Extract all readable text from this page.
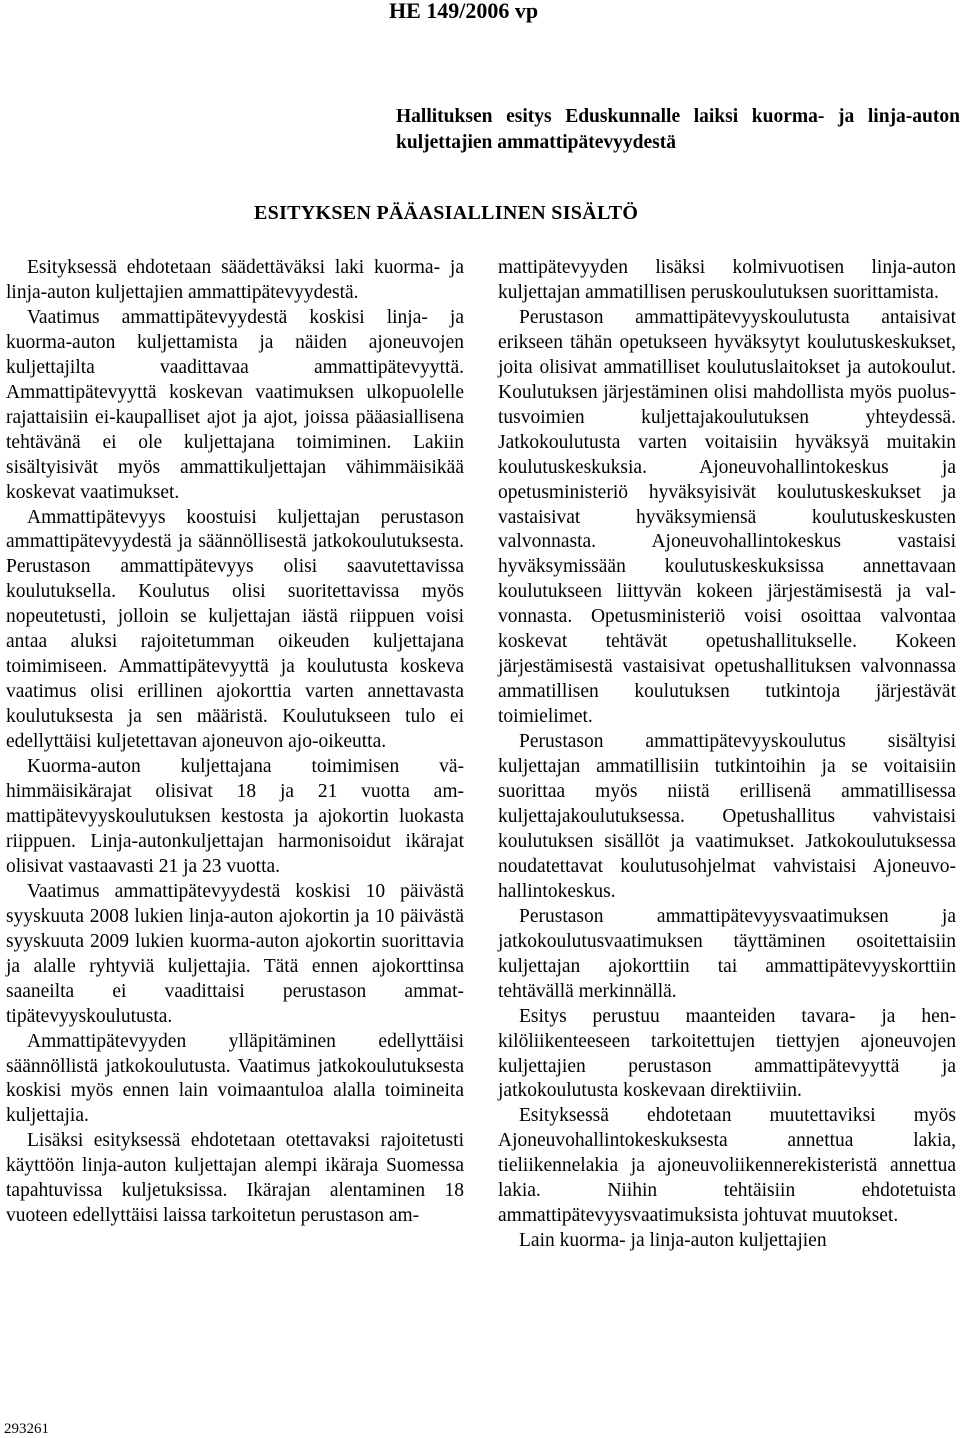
HE 149/2006 vp
Hallituksen esitys Eduskunnalle laiksi kuorma- ja linja-auton kuljettajien ammattipätevyydestä
ESITYKSEN PÄÄASIALLINEN SISÄLTÖ

Esityksessä ehdotetaan säädettäväksi laki kuorma- ja linja-auton kuljettajien ammattipätevyydestä.

Vaatimus ammattipätevyydestä koskisi linja- ja kuorma-auton kuljettamista ja näiden ajoneuvojen kuljettajilta vaadittavaa ammattipätevyyttä. Ammattipätevyyttä koskevan vaatimuksen ulkopuolelle rajattaisiin ei-kaupalliset ajot ja ajot, joissa pääasiallisena tehtävänä ei ole kuljettajana toimiminen. Lakiin sisältyisivät myös ammattikuljettajan vähimmäisikää koskevat vaatimukset.

Ammattipätevyys koostuisi kuljettajan perustason ammattipätevyydestä ja säännöllisestä jatkokoulutuksesta. Perustason ammattipätevyys olisi saavutettavissa koulutuksella. Koulutus olisi suoritettavissa myös nopeutetusti, jolloin se kuljettajan iästä riippuen voisi antaa aluksi rajoitetumman oikeuden kuljettajana toimimiseen. Ammattipätevyyttä ja koulutusta koskeva vaatimus olisi erillinen ajokorttia varten annettavasta koulutuksesta ja sen määristä. Koulutukseen tulo ei edellyttäisi kuljetettavan ajoneuvon ajo-oikeutta.

Kuorma-auton kuljettajana toimimisen vähimmäisikärajat olisivat 18 ja 21 vuotta ammattipätevyyskoulutuksen kestosta ja ajokortin luokasta riippuen. Linja-autonkuljettajan harmonisoidut ikärajat olisivat vastaavasti 21 ja 23 vuotta.

Vaatimus ammattipätevyydestä koskisi 10 päivästä syyskuuta 2008 lukien linja-auton ajokortin ja 10 päivästä syyskuuta 2009 lukien kuorma-auton ajokortin suorittavia ja alalle ryhtyviä kuljettajia. Tätä ennen ajokorttinsa saaneilta ei vaadittaisi perustason ammattipätevyyskoulutusta.

Ammattipätevyyden ylläpitäminen edellyttäisi säännöllistä jatkokoulutusta. Vaatimus jatkokoulutuksesta koskisi myös ennen lain voimaantuloa alalla toimineita kuljettajia.

Lisäksi esityksessä ehdotetaan otettavaksi rajoitetusti käyttöön linja-auton kuljettajan alempi ikäraja Suomessa tapahtuvissa kuljetuksissa. Ikärajan alentaminen 18 vuoteen edellyttäisi laissa tarkoitetun perustason am-

mattipätevyyden lisäksi kolmivuotisen linja-auton kuljettajan ammatillisen peruskoulutuksen suorittamista.

Perustason ammattipätevyyskoulutusta antaisivat erikseen tähän opetukseen hyväksytyt koulutuskeskukset, joita olisivat ammatilliset koulutuslaitokset ja autokoulut. Koulutuksen järjestäminen olisi mahdollista myös puolustusvoimien kuljettajakoulutuksen yhteydessä. Jatkokoulutusta varten voitaisiin hyväksyä muitakin koulutuskeskuksia. Ajoneuvohallintokeskus ja opetusministeriö hyväksyisivät koulutuskeskukset ja vastaisivat hyväksymiensä koulutuskeskusten valvonnasta. Ajoneuvohallintokeskus vastaisi hyväksymissään koulutuskeskuksissa annettavaan koulutukseen liittyvän kokeen järjestämisestä ja valvonnasta. Opetusministeriö voisi osoittaa valvontaa koskevat tehtävät opetushallitukselle. Kokeen järjestämisestä vastaisivat opetushallituksen valvonnassa ammatillisen koulutuksen tutkintoja järjestävät toimielimet.

Perustason ammattipätevyyskoulutus sisältyisi kuljettajan ammatillisiin tutkintoihin ja se voitaisiin suorittaa myös niistä erillisenä ammatillisessa kuljettajakoulutuksessa. Opetushallitus vahvistaisi koulutuksen sisällöt ja vaatimukset. Jatkokoulutuksessa noudatettavat koulutusohjelmat vahvistaisi Ajoneuvohallintokeskus.

Perustason ammattipätevyysvaatimuksen ja jatkokoulutusvaatimuksen täyttäminen osoitettaisiin kuljettajan ajokorttiin tai ammattipätevyyskorttiin tehtävällä merkinnällä.

Esitys perustuu maanteiden tavara- ja henkilöliikenteeseen tarkoitettujen tiettyjen ajoneuvojen kuljettajien perustason ammattipätevyyttä ja jatkokoulutusta koskevaan direktiiviin.

Esityksessä ehdotetaan muutettaviksi myös Ajoneuvohallintokeskuksesta annettua lakia, tieliikennelakia ja ajoneuvoliikennerekisteristä annettua lakia. Niihin tehtäisiin ehdotetuista ammattipätevyysvaatimuksista johtuvat muutokset.

Lain kuorma- ja linja-auton kuljettajien

293261
